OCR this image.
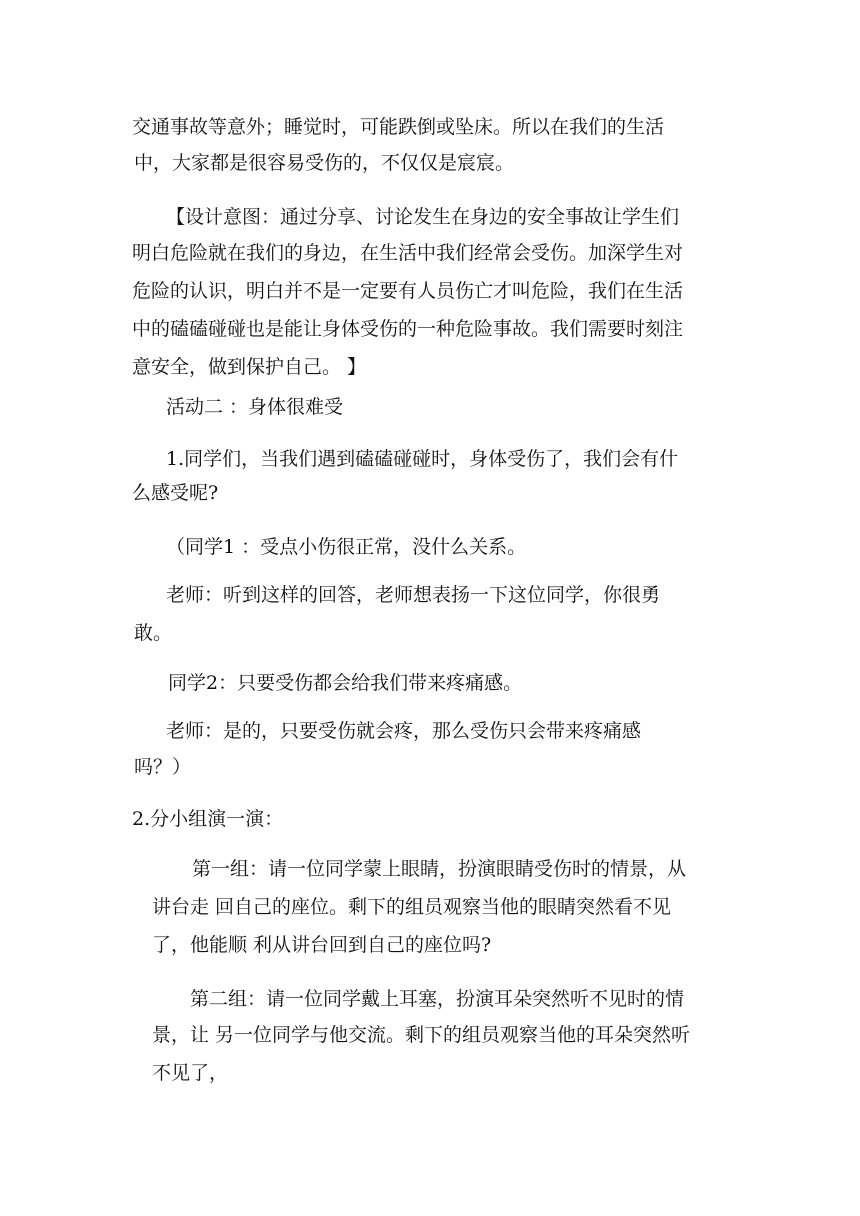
交通事故等意外；睡觉时，可能跌倒或坠床。所以在我们的生活
中，大家都是很容易受伤的，不仅仅是宸宸。
【设计意图：通过分享、讨论发生在身边的安全事故让学生们
明白危险就在我们的身边，在生活中我们经常会受伤。加深学生对
危险的认识，明白并不是一定要有人员伤亡才叫危险，我们在生活
中的磕磕碰碰也是能让身体受伤的一种危险事故。我们需要时刻注
意安全，做到保护自己。 】
活动二 ：身体很难受
1.同学们，当我们遇到磕磕碰碰时，身体受伤了，我们会有什
么感受呢?
（同学1 ：受点小伤很正常，没什么关系。
老师：听到这样的回答，老师想表扬一下这位同学，你很勇
敢。
同学2：只要受伤都会给我们带来疼痛感。
老师：是的，只要受伤就会疼，那么受伤只会带来疼痛感
吗？）
2.分小组演一演：
第一组：请一位同学蒙上眼睛，扮演眼睛受伤时的情景，从
讲台走 回自己的座位。剩下的组员观察当他的眼睛突然看不见
了，他能顺 利从讲台回到自己的座位吗?
第二组：请一位同学戴上耳塞，扮演耳朵突然听不见时的情
景，让 另一位同学与他交流。剩下的组员观察当他的耳朵突然听
不见了，
